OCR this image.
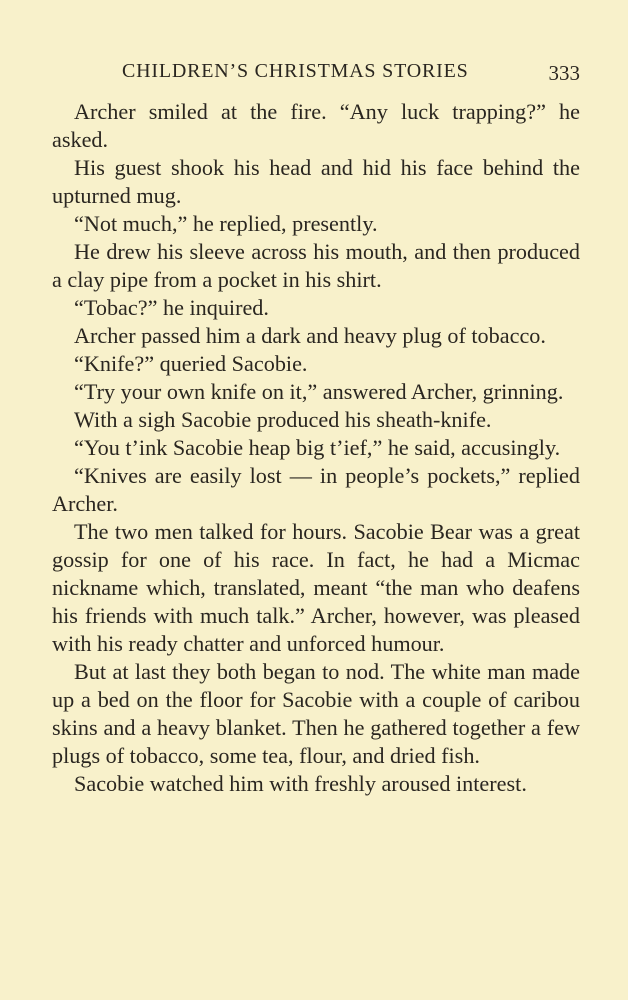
CHILDREN’S CHRISTMAS STORIES	333

Archer smiled at the fire. “Any luck trapping?” he asked.

His guest shook his head and hid his face behind the upturned mug.

“Not much,” he replied, presently.

He drew his sleeve across his mouth, and then produced a clay pipe from a pocket in his shirt.

“Tobac?” he inquired.

Archer passed him a dark and heavy plug of tobacco.

“Knife?” queried Sacobie.

“Try your own knife on it,” answered Archer, grinning.

With a sigh Sacobie produced his sheath-knife.

“You t’ink Sacobie heap big t’ief,” he said, accusingly.

“Knives are easily lost — in people’s pockets,” replied Archer.

The two men talked for hours. Sacobie Bear was a great gossip for one of his race. In fact, he had a Micmac nickname which, translated, meant “the man who deafens his friends with much talk.” Archer, however, was pleased with his ready chatter and unforced humour.

But at last they both began to nod. The white man made up a bed on the floor for Sacobie with a couple of caribou skins and a heavy blanket. Then he gathered together a few plugs of tobacco, some tea, flour, and dried fish.

Sacobie watched him with freshly aroused interest.
